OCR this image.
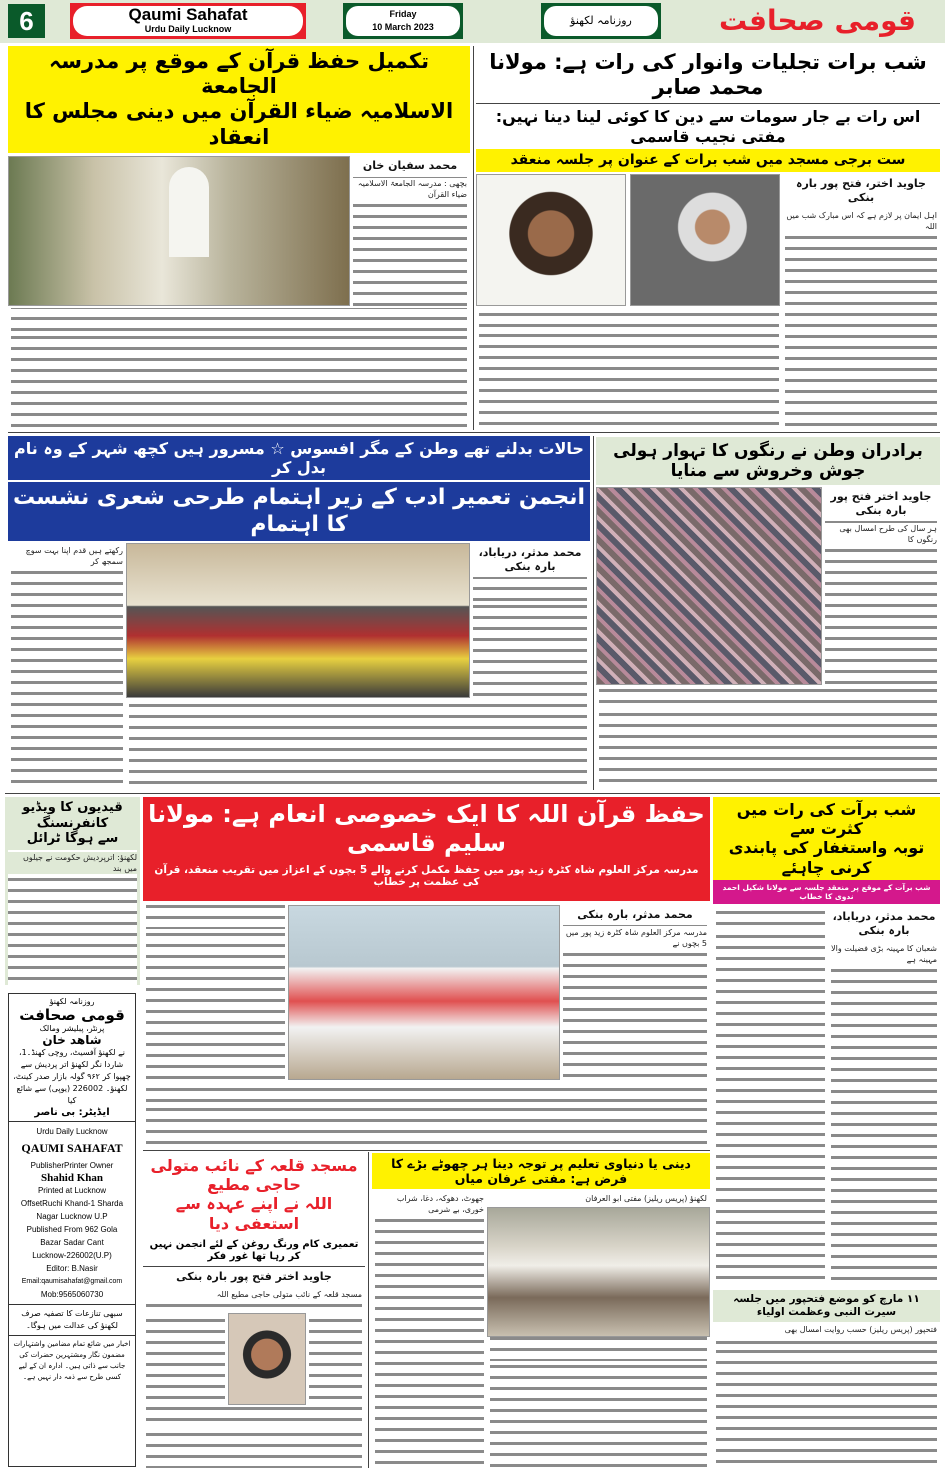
6	Qaumi Sahafat
Urdu Daily Lucknow
Friday
10 March 2023	روزنامہ لکھنؤ	قومی صحافت
تکمیل حفظ قرآن کے موقع پر مدرسہ الجامعة
الاسلامیہ ضیاء القرآن میں دینی مجلس کا انعقاد
محمد سفیان خان
بچھی : مدرسہ الجامعۃ الاسلامیہ ضیاء القرآن
شب برات تجلیات وانوار کی رات ہے: مولانا محمد صابر
اس رات بے جار سومات سے دین کا کوئی لینا دینا نہیں: مفتی نجیب قاسمی
ست برجی مسجد میں شب برات کے عنوان پر جلسہ منعقد
جاوید اختر، فتح پور بارہ بنکی
اہل ایمان پر لازم ہے کہ اس مبارک شب میں اللہ
حالات بدلنے تھے وطن کے مگر افسوس ☆ مسرور ہیں کچھ شہر کے وہ نام بدل کر
انجمن تعمیر ادب کے زیر اہتمام طرحی شعری نشست کا اہتمام
رکھتے ہیں قدم اپنا بہت سوچ سمجھ کر
محمد مدثر، دریاباد، بارہ بنکی
برادران وطن نے رنگوں کا تہوار ہولی جوش وخروش سے منایا
جاوید اختر فتح پور بارہ بنکی
ہر سال کی طرح امسال بھی رنگوں کا
قیدیوں کا ویڈیو کانفرنسنگ
سے ہوگا ٹرائل
لکھنؤ: اترپردیش حکومت نے جیلوں میں بند
روزنامہ لکھنؤ
قومی صحافت
پرنٹر، پبلیشر ومالک
شاهد خان
نے لکھنؤ آفسیٹ، روچی کھنڈ۔1، شاردا نگر لکھنؤ اتر پردیش سے چھپوا کر ۹۶۲ گولہ بازار صدر کینٹ، لکھنؤ۔ 226002 (یوپی) سے شائع کیا
ایڈیٹر: بی ناصر
Urdu Daily Lucknow
QAUMI SAHAFAT
PublisherPrinter Owner
Shahid Khan
Printed at Lucknow
OffsetRuchi Khand-1 Sharda
Nagar Lucknow U.P
Published From 962 Gola
Bazar Sadar Cant
Lucknow-226002(U.P)
Editor: B.Nasir
Email:qaumisahafat@gmail.com
Mob:9565060730
سبھی تنازعات کا تصفیہ صرف لکھنؤ کی عدالت میں ہوگا۔
اخبار میں شائع تمام مضامین واشتہارات مضمون نگار ومشتہرین حضرات کی جانب سے ذاتی ہیں۔ ادارہ ان کے لیے کسی طرح سے ذمہ دار نہیں ہے۔
حفظ قرآن اللہ کا ایک خصوصی انعام ہے: مولانا سلیم قاسمی
مدرسہ مرکز العلوم شاہ کٹرہ زید پور میں حفظ مکمل کرنے والے 5 بچوں کے اعزاز میں تقریب منعقد، قرآن کی عظمت پر خطاب
محمد مدثر، بارہ بنکی
مدرسہ مرکز العلوم شاہ کٹرہ زید پور میں 5 بچوں نے
شب برآت کی رات میں کثرت سے
توبہ واستغفار کی پابندی کرنی چاہئے
شب برآت کے موقع پر منعقد جلسہ سے مولانا شکیل احمد ندوی کا خطاب
محمد مدثر، دریاباد، بارہ بنکی
شعبان کا مہینہ بڑی فضیلت والا مہینہ ہے
۱۱ مارچ کو موضع فتحپور میں جلسہ سیرت النبی وعظمت اولیاء
فتحپور (پریس ریلیز) حسب روایت امسال بھی
مسجد قلعہ کے نائب متولی حاجی مطیع
اللہ نے اپنے عہدہ سے استعفی دیا
تعمیری کام ورنگ روغن کے لئے انجمن نہیں کر رہا تھا غور فکر
جاوید اختر فتح پور بارہ بنکی
مسجد قلعہ کے نائب متولی حاجی مطیع اللہ
دینی یا دنیاوی تعلیم پر توجہ دینا ہر چھوٹے بڑے کا فرض ہے: مفتی عرفان میاں
جھوٹ، دھوکہ، دغا، شراب خوری، بے شرمی
لکھنؤ (پریس ریلیز) مفتی ابو العرفان
